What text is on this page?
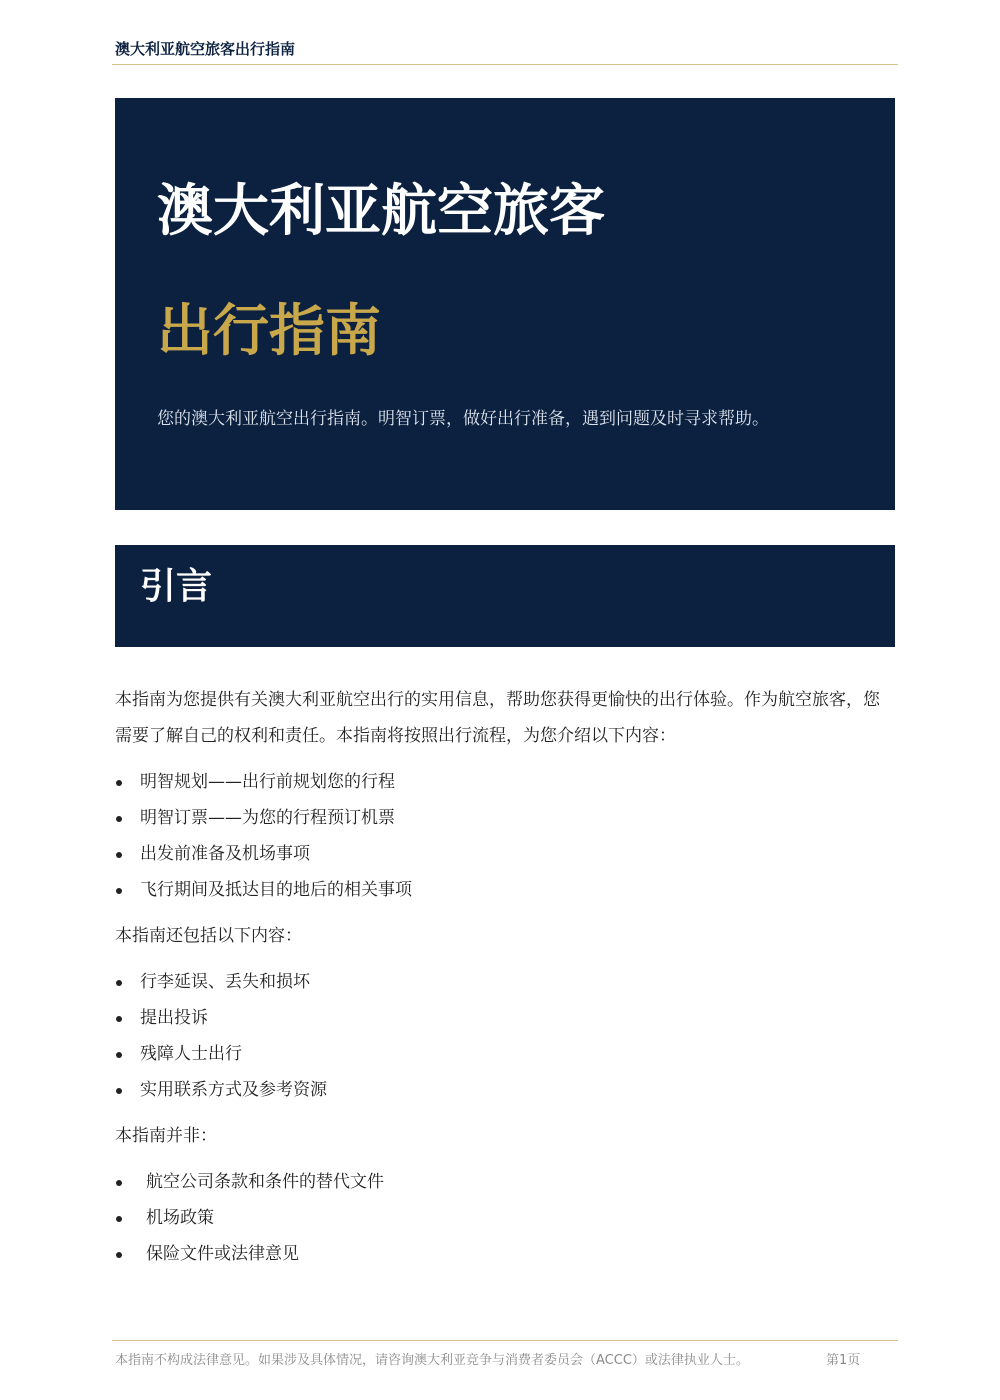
澳大利亚航空旅客出行指南
澳大利亚航空旅客
出行指南

您的澳大利亚航空出行指南。明智订票，做好出行准备，遇到问题及时寻求帮助。

引言

本指南为您提供有关澳大利亚航空出行的实用信息，帮助您获得更愉快的出行体验。作为航空旅客，您需要了解自己的权利和责任。本指南将按照出行流程，为您介绍以下内容：

明智规划——出行前规划您的行程
明智订票——为您的行程预订机票
出发前准备及机场事项
飞行期间及抵达目的地后的相关事项

本指南还包括以下内容：

行李延误、丢失和损坏
提出投诉
残障人士出行
实用联系方式及参考资源

本指南并非：

航空公司条款和条件的替代文件
机场政策
保险文件或法律意见
本指南不构成法律意见。如果涉及具体情况，请咨询澳大利亚竞争与消费者委员会（ACCC）或法律执业人士。	第1页
